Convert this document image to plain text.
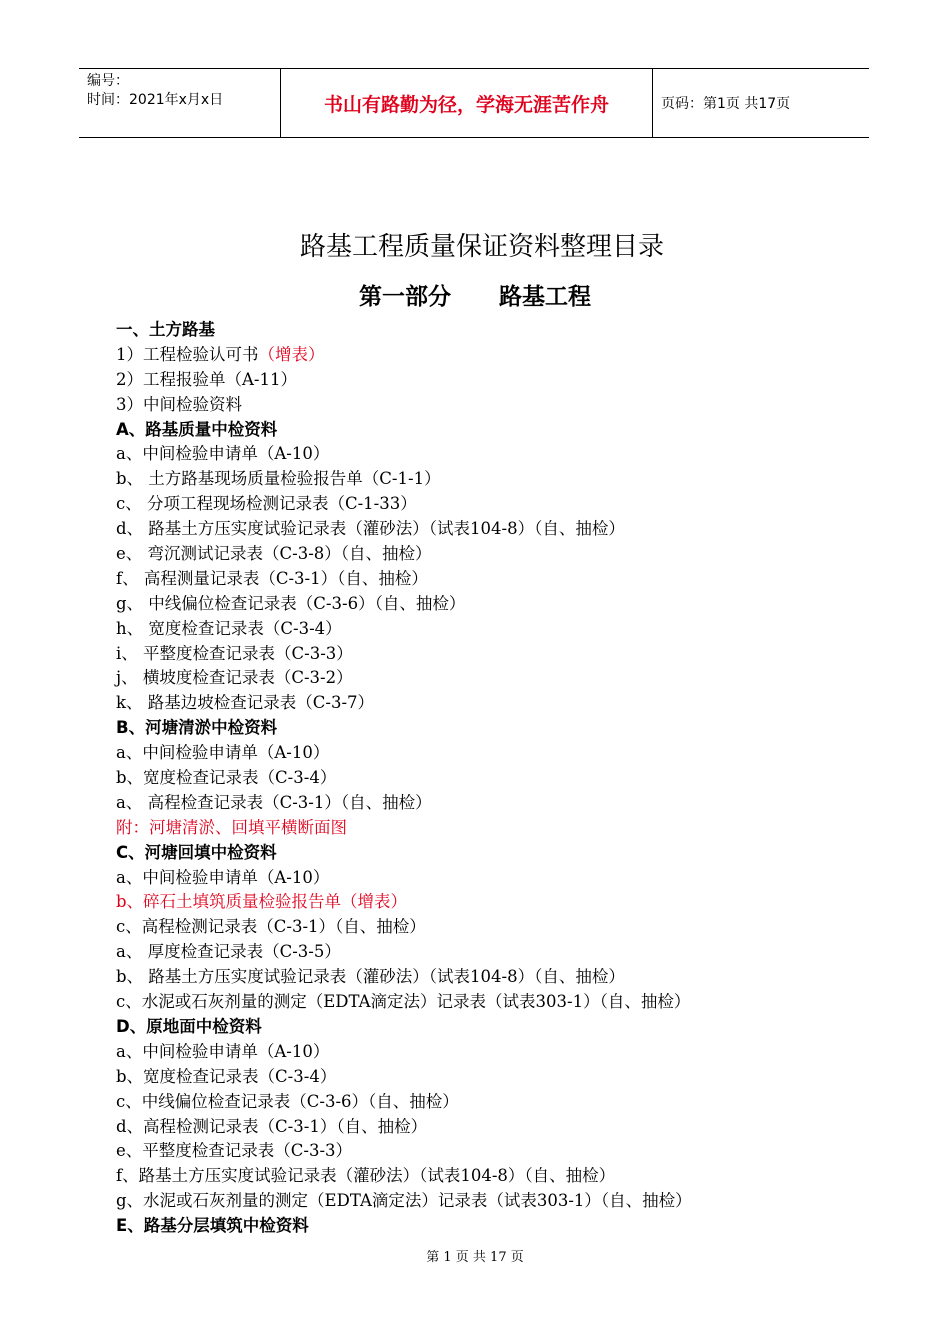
编号：
时间：2021年x月x日	书山有路勤为径，学海无涯苦作舟	页码：第1页 共17页
路基工程质量保证资料整理目录
第一部分      路基工程
一、土方路基
1）工程检验认可书（增表）
2）工程报验单（A-11）
3）中间检验资料
A、路基质量中检资料
a、中间检验申请单（A-10）
b、 土方路基现场质量检验报告单（C-1-1）
c、 分项工程现场检测记录表（C-1-33）
d、 路基土方压实度试验记录表（灌砂法）（试表104-8）（自、抽检）
e、 弯沉测试记录表（C-3-8）（自、抽检）
f、 高程测量记录表（C-3-1）（自、抽检）
g、 中线偏位检查记录表（C-3-6）（自、抽检）
h、 宽度检查记录表（C-3-4）
i、 平整度检查记录表（C-3-3）
j、 横坡度检查记录表（C-3-2）
k、 路基边坡检查记录表（C-3-7）
B、河塘清淤中检资料
a、中间检验申请单（A-10）
b、宽度检查记录表（C-3-4）
a、 高程检查记录表（C-3-1）（自、抽检）
附：河塘清淤、回填平横断面图
C、河塘回填中检资料
a、中间检验申请单（A-10）
b、碎石土填筑质量检验报告单（增表）
c、高程检测记录表（C-3-1）（自、抽检）
a、 厚度检查记录表（C-3-5）
b、 路基土方压实度试验记录表（灌砂法）（试表104-8）（自、抽检）
c、水泥或石灰剂量的测定（EDTA滴定法）记录表（试表303-1）（自、抽检）
D、原地面中检资料
a、中间检验申请单（A-10）
b、宽度检查记录表（C-3-4）
c、中线偏位检查记录表（C-3-6）（自、抽检）
d、高程检测记录表（C-3-1）（自、抽检）
e、平整度检查记录表（C-3-3）
f、路基土方压实度试验记录表（灌砂法）（试表104-8）（自、抽检）
g、水泥或石灰剂量的测定（EDTA滴定法）记录表（试表303-1）（自、抽检）
E、路基分层填筑中检资料
第 1 页 共 17 页
